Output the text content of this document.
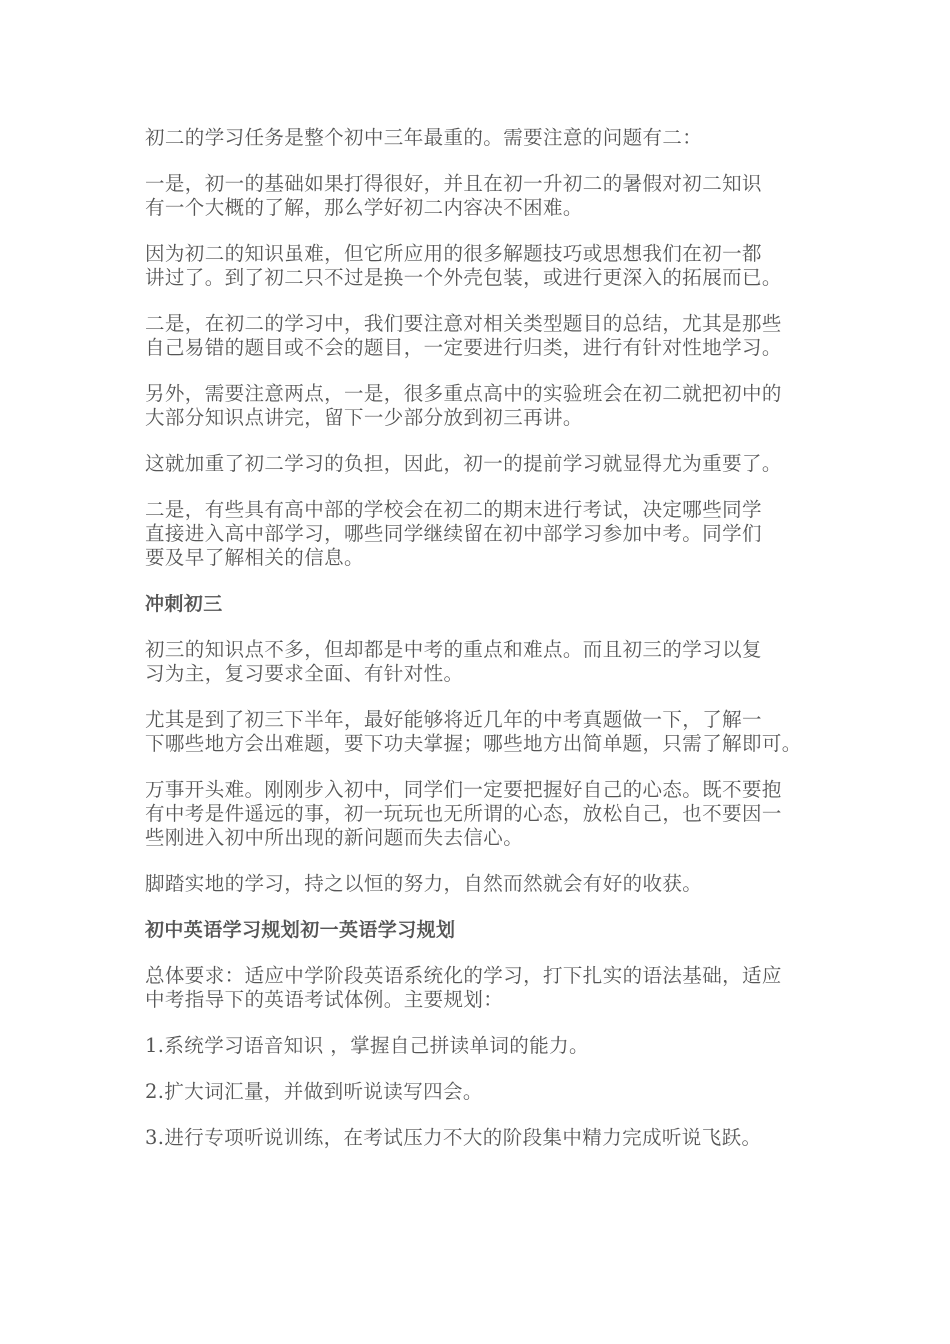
初二的学习任务是整个初中三年最重的。需要注意的问题有二：

一是，初一的基础如果打得很好，并且在初一升初二的暑假对初二知识
有一个大概的了解，那么学好初二内容决不困难。

因为初二的知识虽难，但它所应用的很多解题技巧或思想我们在初一都
讲过了。到了初二只不过是换一个外壳包装，或进行更深入的拓展而已。

二是，在初二的学习中，我们要注意对相关类型题目的总结，尤其是那些
自己易错的题目或不会的题目，一定要进行归类，进行有针对性地学习。

另外，需要注意两点，一是，很多重点高中的实验班会在初二就把初中的
大部分知识点讲完，留下一少部分放到初三再讲。

这就加重了初二学习的负担，因此，初一的提前学习就显得尤为重要了。

二是，有些具有高中部的学校会在初二的期末进行考试，决定哪些同学
直接进入高中部学习，哪些同学继续留在初中部学习参加中考。同学们
要及早了解相关的信息。

冲刺初三

初三的知识点不多，但却都是中考的重点和难点。而且初三的学习以复
习为主，复习要求全面、有针对性。

尤其是到了初三下半年，最好能够将近几年的中考真题做一下，了解一
下哪些地方会出难题，要下功夫掌握；哪些地方出简单题，只需了解即可。

万事开头难。刚刚步入初中，同学们一定要把握好自己的心态。既不要抱
有中考是件遥远的事，初一玩玩也无所谓的心态，放松自己，也不要因一
些刚进入初中所出现的新问题而失去信心。

脚踏实地的学习，持之以恒的努力，自然而然就会有好的收获。

初中英语学习规划初一英语学习规划

总体要求：适应中学阶段英语系统化的学习，打下扎实的语法基础，适应
中考指导下的英语考试体例。主要规划：

1.系统学习语音知识 ，掌握自己拼读单词的能力。

2.扩大词汇量，并做到听说读写四会。

3.进行专项听说训练，在考试压力不大的阶段集中精力完成听说飞跃。
